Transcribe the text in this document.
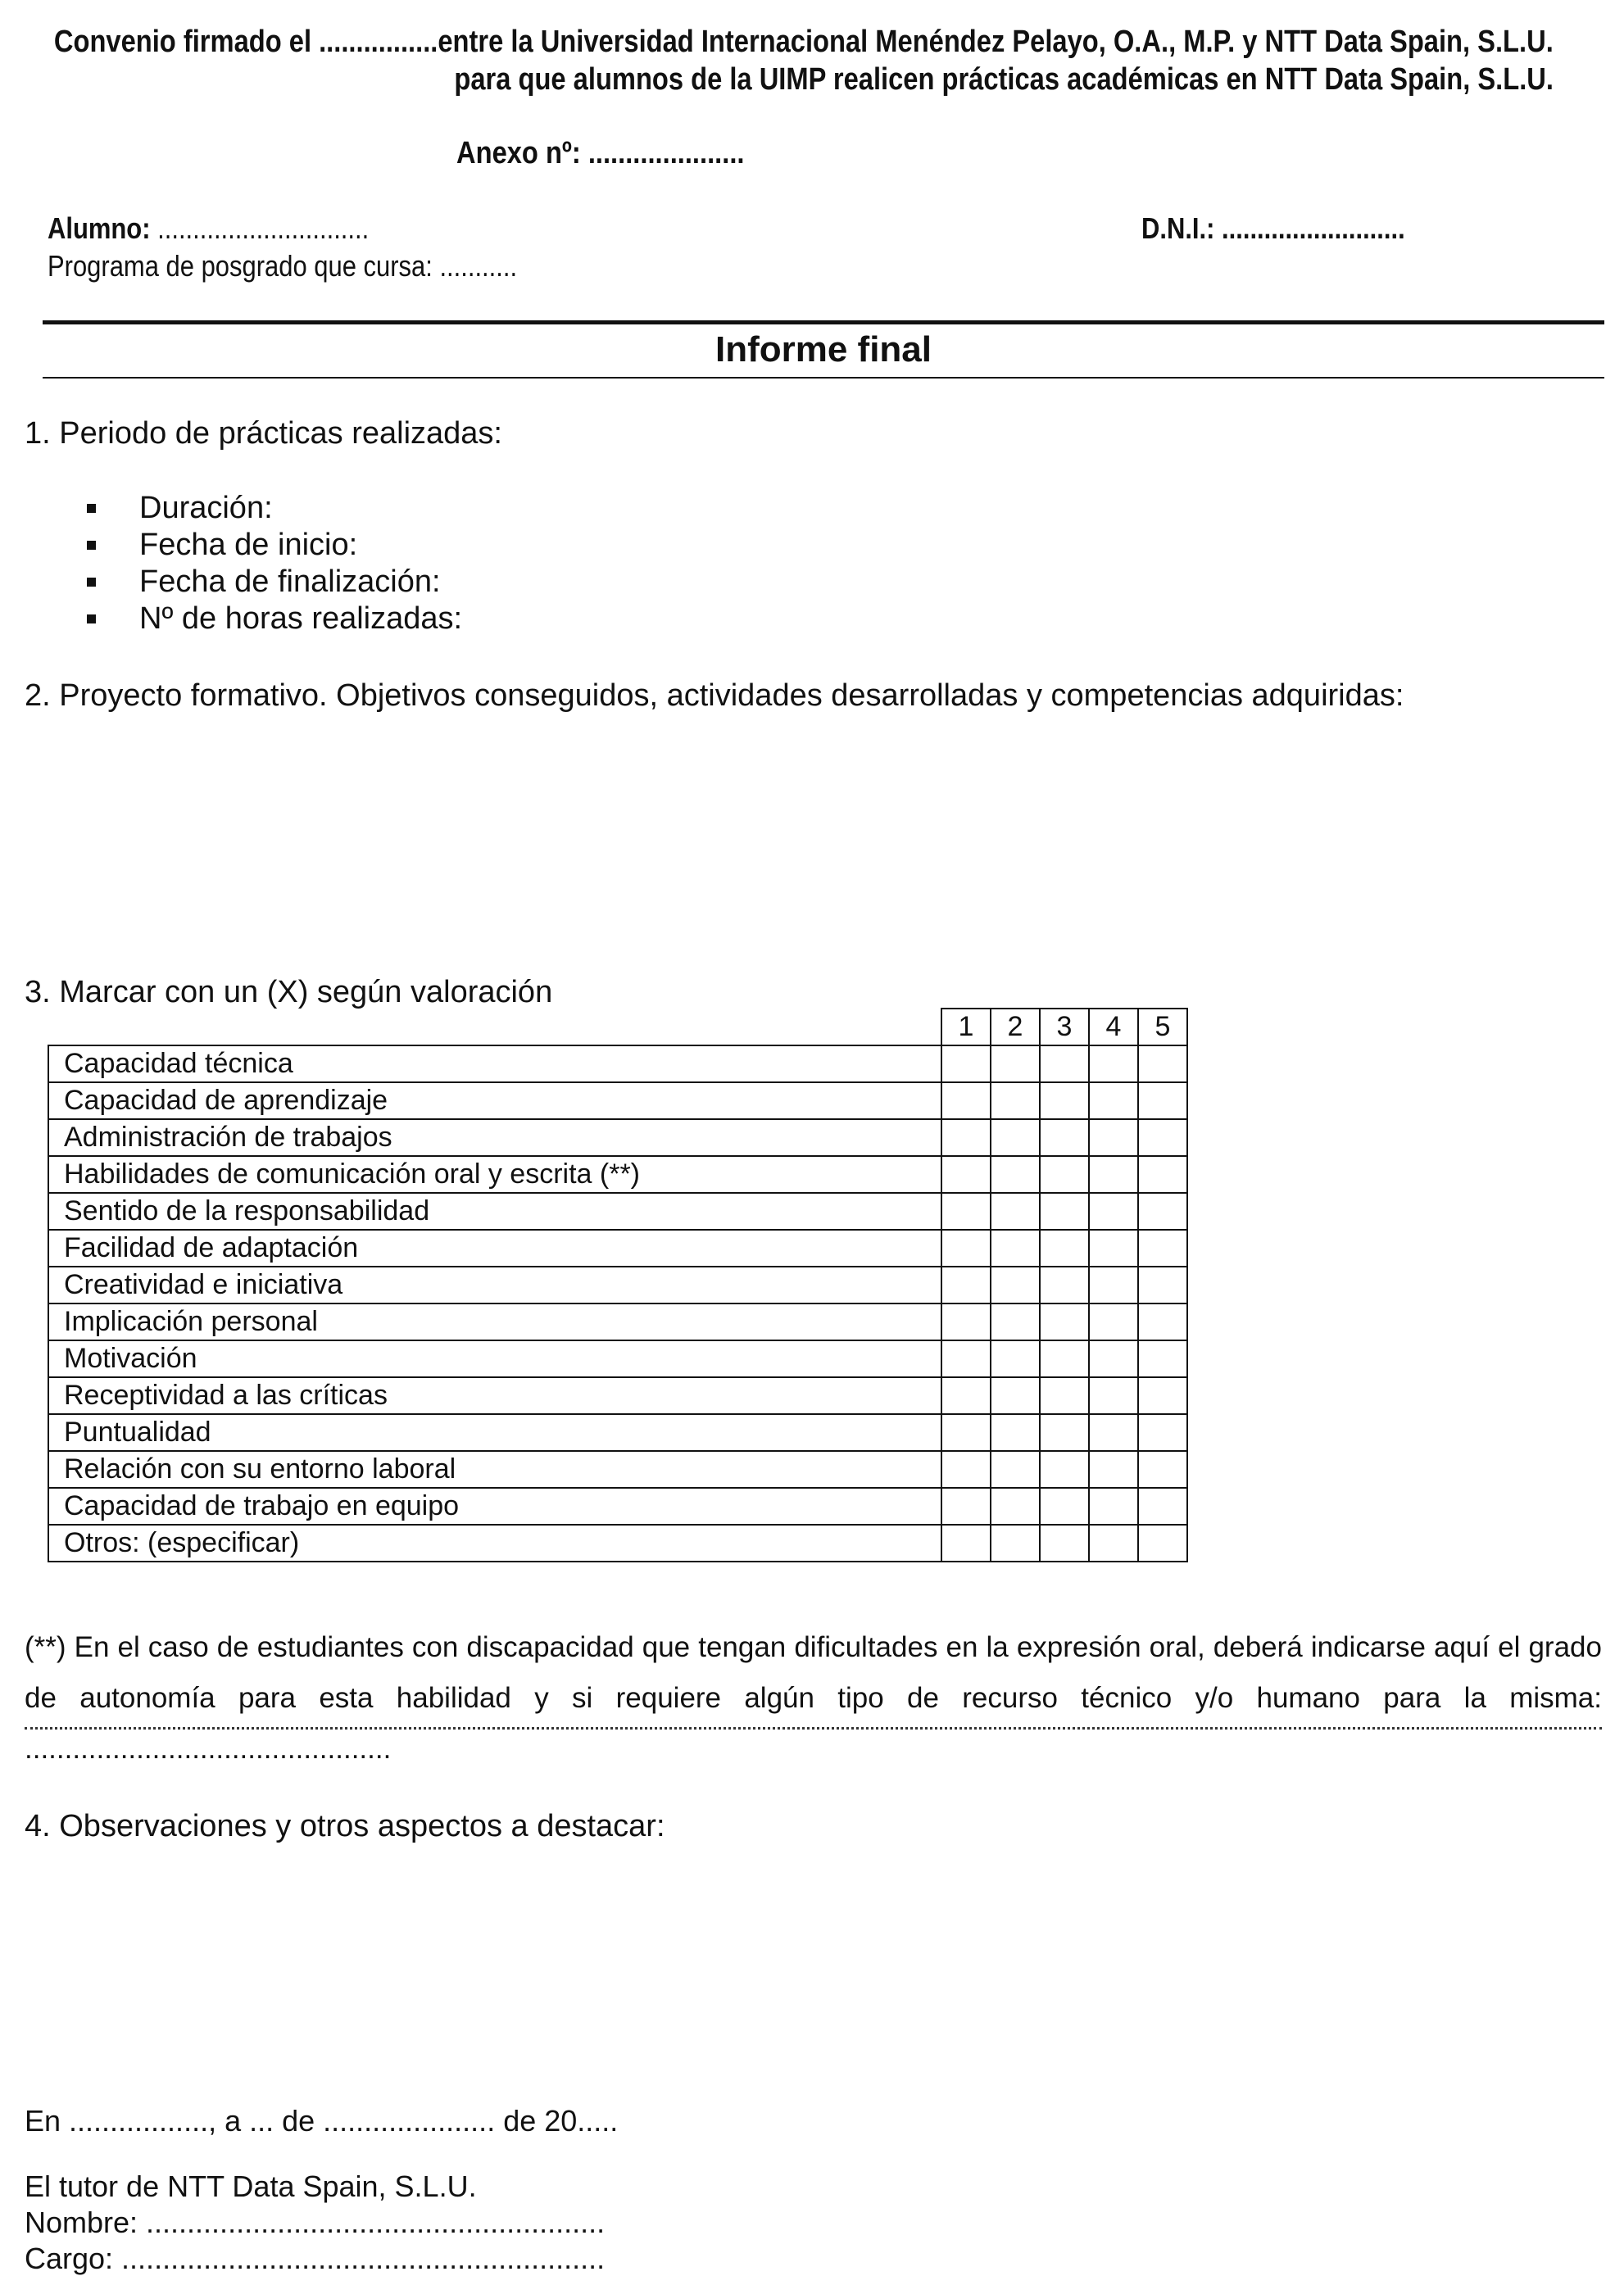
Convenio firmado el ................entre la Universidad Internacional Menéndez Pelayo, O.A., M.P. y NTT Data Spain, S.L.U.
para que alumnos de la UIMP realicen prácticas académicas en NTT Data Spain, S.L.U.
Anexo nº: .....................
Alumno: ..............................	D.N.I.: ..........................
Programa de posgrado que cursa: ...........
Informe final
1. Periodo de prácticas realizadas:
Duración:
Fecha de inicio:
Fecha de finalización:
Nº de horas realizadas:
2. Proyecto formativo. Objetivos conseguidos, actividades desarrolladas y competencias adquiridas:
3. Marcar con un (X) según valoración
	1	2	3	4	5
Capacidad técnica					
Capacidad de aprendizaje					
Administración de trabajos					
Habilidades de comunicación oral y escrita (**)					
Sentido de la responsabilidad					
Facilidad de adaptación					
Creatividad e iniciativa					
Implicación personal					
Motivación					
Receptividad a las críticas					
Puntualidad					
Relación con su entorno laboral					
Capacidad de trabajo en equipo					
Otros: (especificar)					
(**) En el caso de estudiantes con discapacidad que tengan dificultades en la expresión oral, deberá indicarse aquí el grado de autonomía para esta habilidad y si requiere algún tipo de recurso técnico y/o humano para la misma: ..............................................
4. Observaciones y otros aspectos a destacar:
En ................., a ... de ..................... de 20.....
El tutor de NTT Data Spain, S.L.U.
Nombre: ........................................................
Cargo: ...........................................................
